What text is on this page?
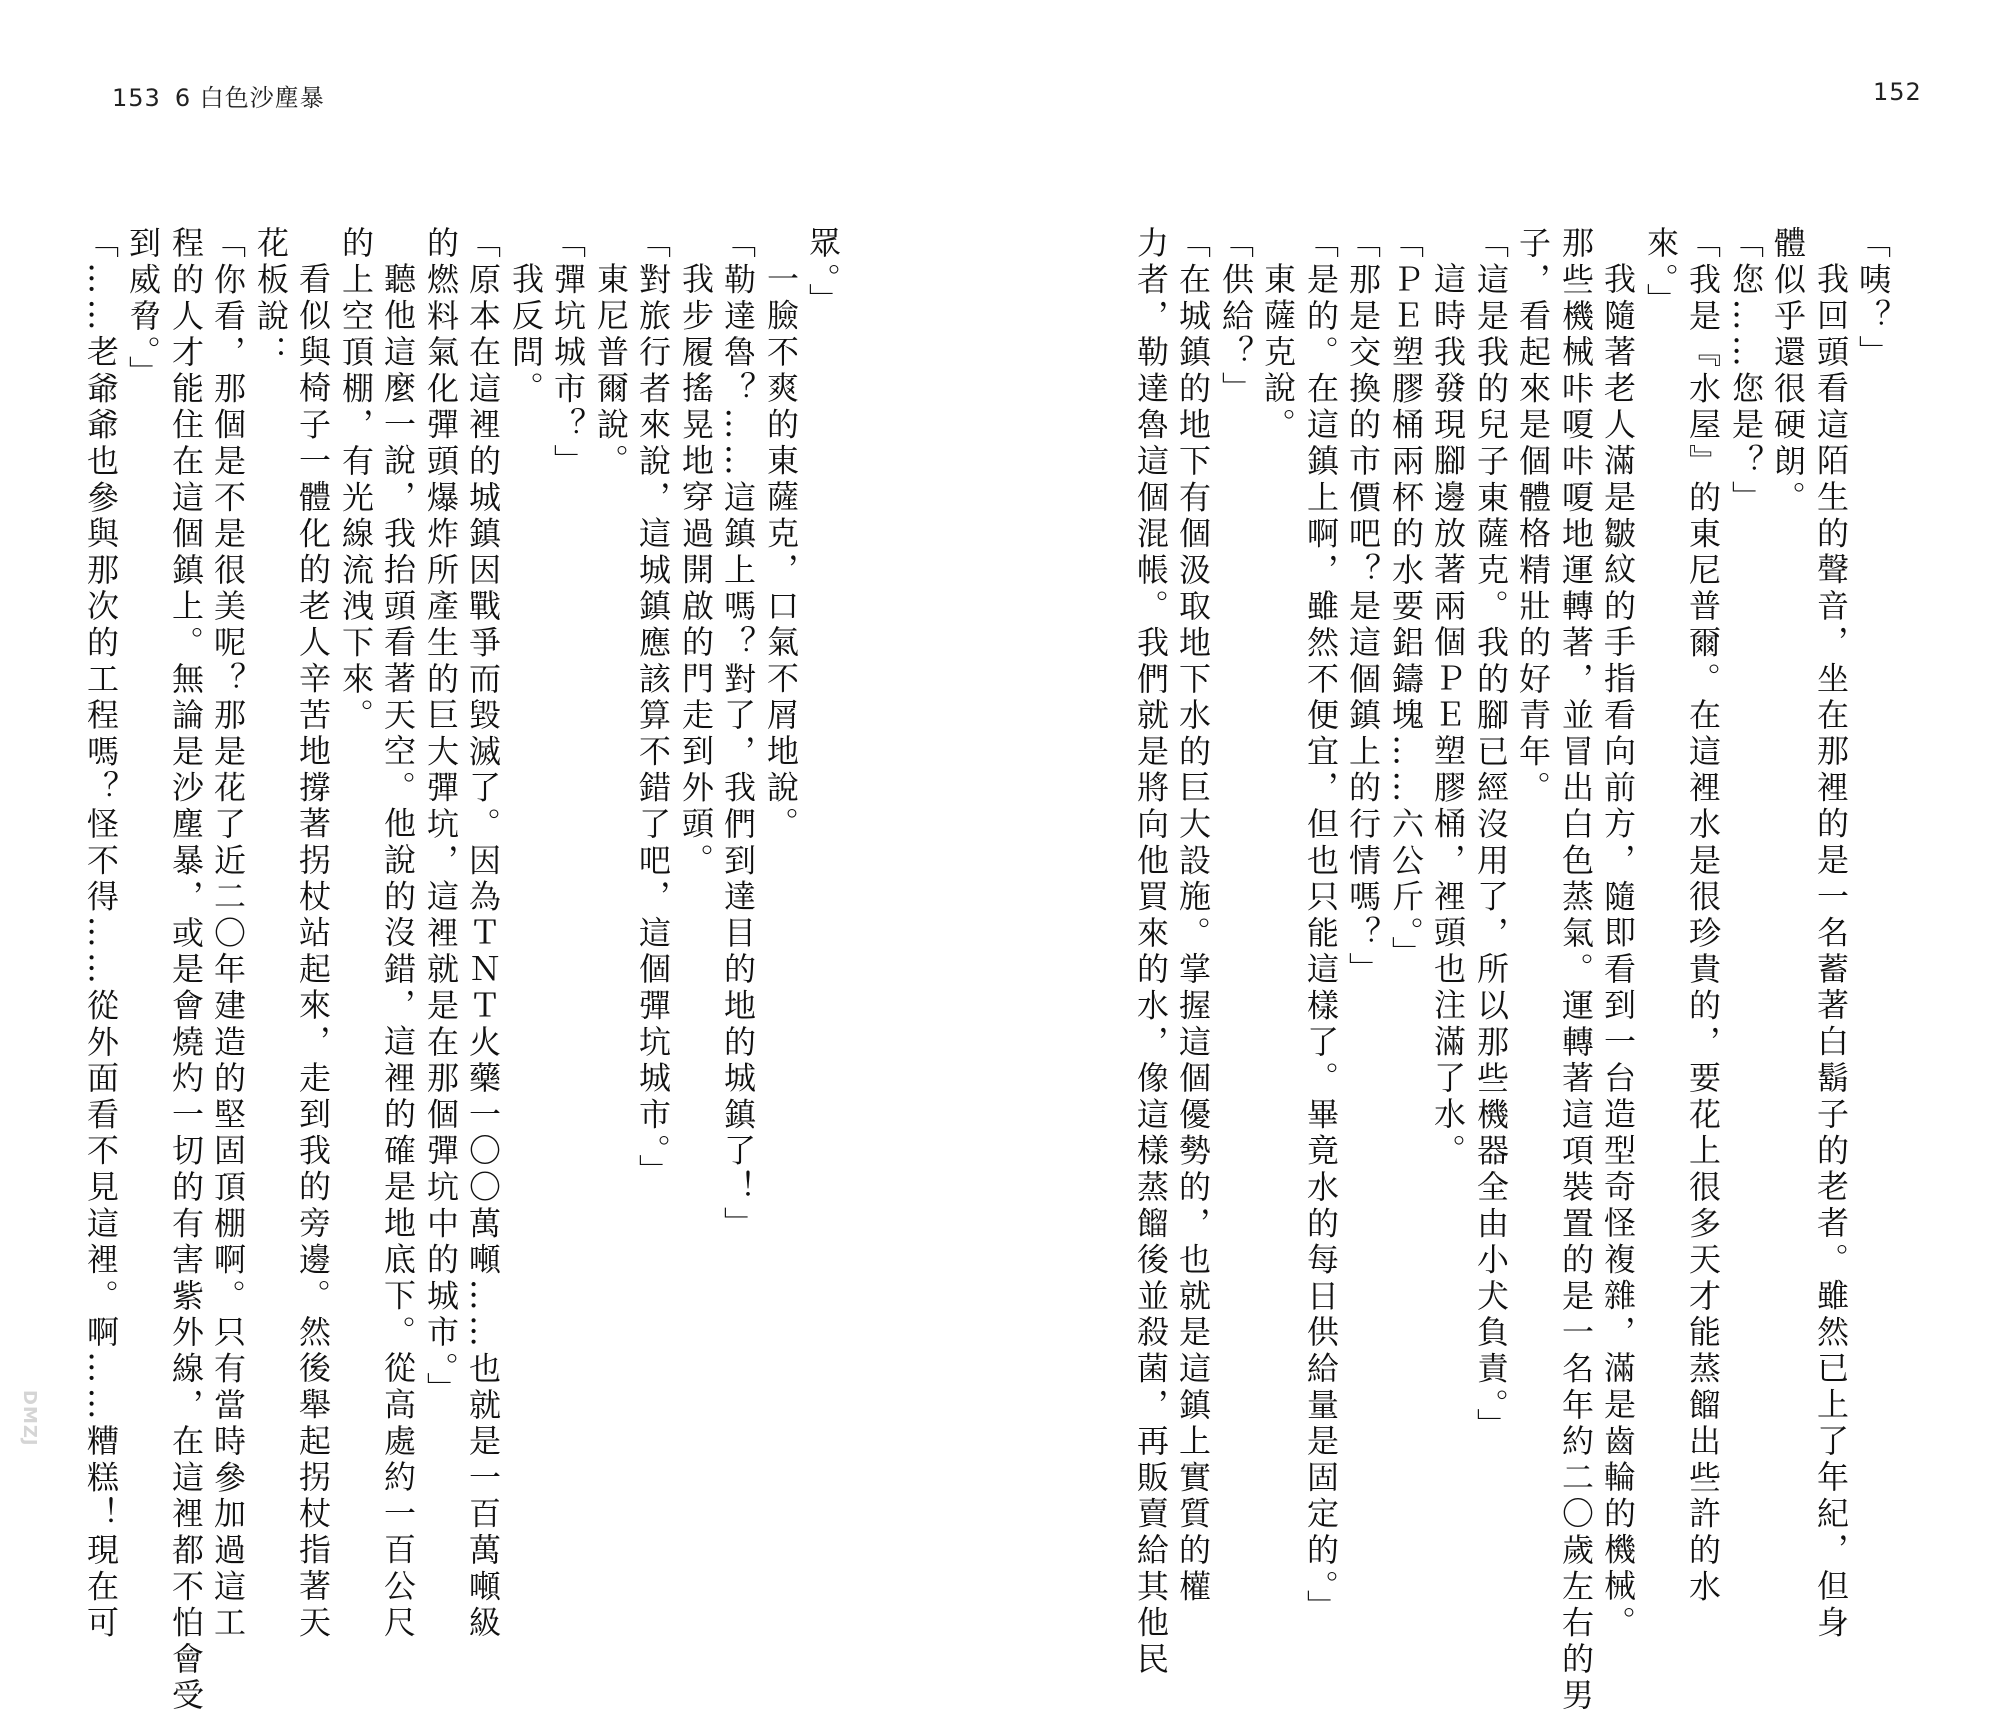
153 6 白色沙塵暴	152
「咦？」
我回頭看這陌生的聲音，坐在那裡的是一名蓄著白鬍子的老者。雖然已上了年紀，但身
體似乎還很硬朗。
「您……您是？」
「我是『水屋』的東尼普爾。在這裡水是很珍貴的，要花上很多天才能蒸餾出些許的水
來。」
我隨著老人滿是皺紋的手指看向前方，隨即看到一台造型奇怪複雜，滿是齒輪的機械。
那些機械咔嗄咔嗄地運轉著，並冒出白色蒸氣。運轉著這項裝置的是一名年約二〇歲左右的男
子，看起來是個體格精壯的好青年。
「這是我的兒子東薩克。我的腳已經沒用了，所以那些機器全由小犬負責。」
這時我發現腳邊放著兩個ＰＥ塑膠桶，裡頭也注滿了水。
「ＰＥ塑膠桶兩杯的水要鋁鑄塊……六公斤。」
「那是交換的市價吧？是這個鎮上的行情嗎？」
「是的。在這鎮上啊，雖然不便宜，但也只能這樣了。畢竟水的每日供給量是固定的。」
東薩克說。
「供給？」
「在城鎮的地下有個汲取地下水的巨大設施。掌握這個優勢的，也就是這鎮上實質的權
力者，勒達魯這個混帳。我們就是將向他買來的水，像這樣蒸餾後並殺菌，再販賣給其他民
眾。」
一臉不爽的東薩克，口氣不屑地說。
「勒達魯？……這鎮上嗎？對了，我們到達目的地的城鎮了！」
我步履搖晃地穿過開啟的門走到外頭。
「對旅行者來說，這城鎮應該算不錯了吧，這個彈坑城市。」
東尼普爾說。
「彈坑城市？」
我反問。
「原本在這裡的城鎮因戰爭而毀滅了。因為ＴＮＴ火藥一〇〇萬噸……也就是一百萬噸級
的燃料氣化彈頭爆炸所產生的巨大彈坑，這裡就是在那個彈坑中的城市。」
聽他這麼一說，我抬頭看著天空。他說的沒錯，這裡的確是地底下。從高處約一百公尺
的上空頂棚，有光線流洩下來。
看似與椅子一體化的老人辛苦地撐著拐杖站起來，走到我的旁邊。然後舉起拐杖指著天
花板說：
「你看，那個是不是很美呢？那是花了近二〇年建造的堅固頂棚啊。只有當時參加過這工
程的人才能住在這個鎮上。無論是沙塵暴，或是會燒灼一切的有害紫外線，在這裡都不怕會受
到威脅。」
「……老爺爺也參與那次的工程嗎？怪不得……從外面看不見這裡。啊……糟糕！現在可
DMZJ
